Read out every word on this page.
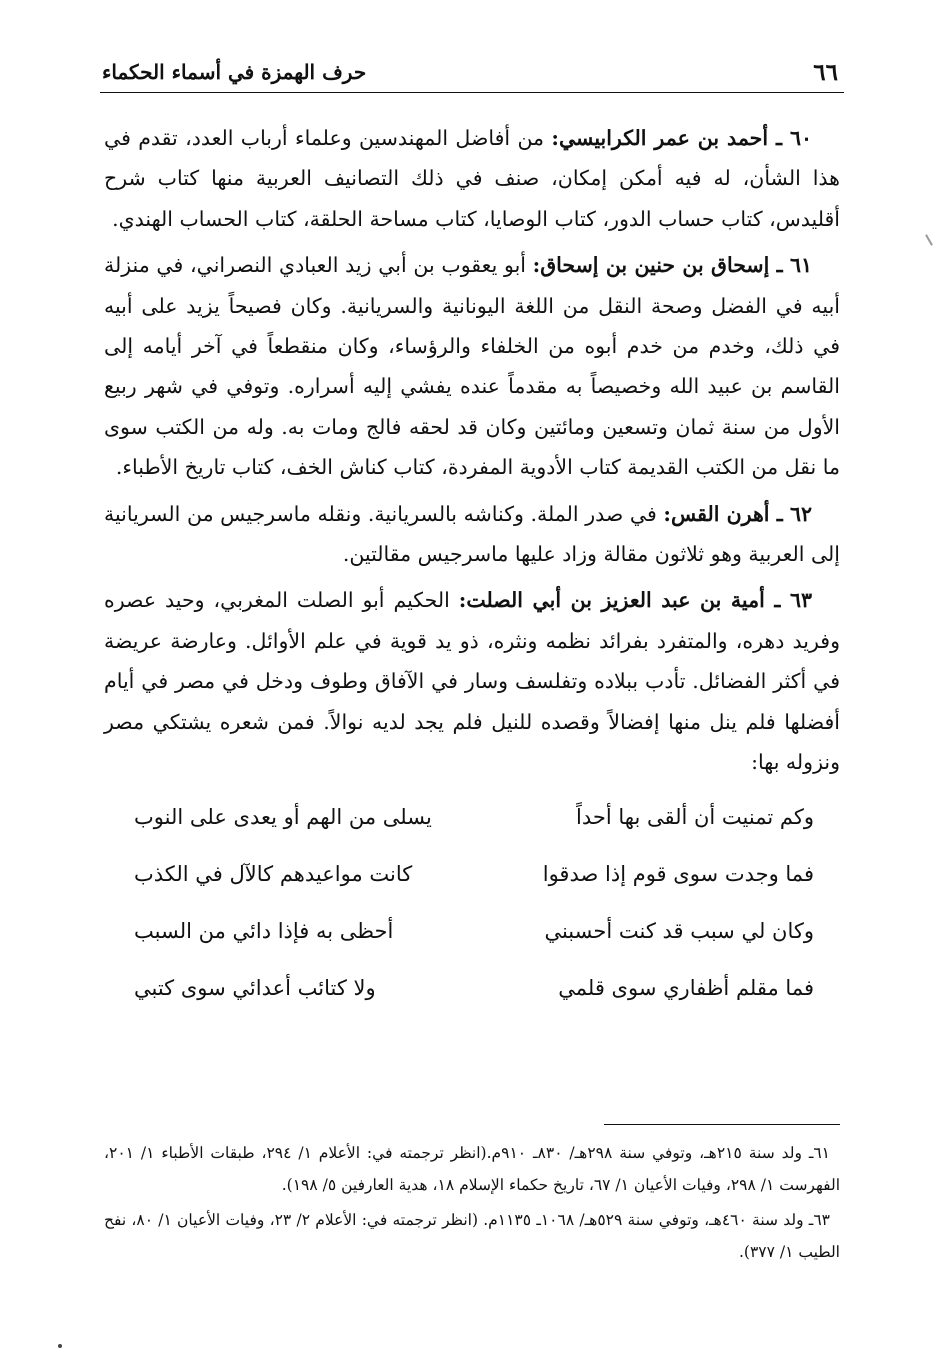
٦٦
حرف الهمزة في أسماء الحكماء

٦٠ ـ أحمد بن عمر الكرابيسي: من أفاضل المهندسين وعلماء أرباب العدد، تقدم في هذا الشأن، له فيه أمكن إمكان، صنف في ذلك التصانيف العربية منها كتاب شرح أقليدس، كتاب حساب الدور، كتاب الوصايا، كتاب مساحة الحلقة، كتاب الحساب الهندي.

٦١ ـ إسحاق بن حنين بن إسحاق: أبو يعقوب بن أبي زيد العبادي النصراني، في منزلة أبيه في الفضل وصحة النقل من اللغة اليونانية والسريانية. وكان فصيحاً يزيد على أبيه في ذلك، وخدم من خدم أبوه من الخلفاء والرؤساء، وكان منقطعاً في آخر أيامه إلى القاسم بن عبيد الله وخصيصاً به مقدماً عنده يفشي إليه أسراره. وتوفي في شهر ربيع الأول من سنة ثمان وتسعين ومائتين وكان قد لحقه فالج ومات به. وله من الكتب سوى ما نقل من الكتب القديمة كتاب الأدوية المفردة، كتاب كناش الخف، كتاب تاريخ الأطباء.

٦٢ ـ أهرن القس: في صدر الملة. وكناشه بالسريانية. ونقله ماسرجيس من السريانية إلى العربية وهو ثلاثون مقالة وزاد عليها ماسرجيس مقالتين.

٦٣ ـ أمية بن عبد العزيز بن أبي الصلت: الحكيم أبو الصلت المغربي، وحيد عصره وفريد دهره، والمتفرد بفرائد نظمه ونثره، ذو يد قوية في علم الأوائل. وعارضة عريضة في أكثر الفضائل. تأدب ببلاده وتفلسف وسار في الآفاق وطوف ودخل في مصر في أيام أفضلها فلم ينل منها إفضالاً وقصده للنيل فلم يجد لديه نوالاً. فمن شعره يشتكي مصر ونزوله بها:

وكم تمنيت أن ألقى بها أحداً
يسلى من الهم أو يعدى على النوب
فما وجدت سوى قوم إذا صدقوا
كانت مواعيدهم كالآل في الكذب
وكان لي سبب قد كنت أحسبني
أحظى به فإذا دائي من السبب
فما مقلم أظفاري سوى قلمي
ولا كتائب أعدائي سوى كتبي

٦١ـ ولد سنة ٢١٥هـ، وتوفي سنة ٢٩٨هـ/ ٨٣٠ـ ٩١٠م.(انظر ترجمته في: الأعلام ١/ ٢٩٤، طبقات الأطباء ١/ ٢٠١، الفهرست ١/ ٢٩٨، وفيات الأعيان ١/ ٦٧، تاريخ حكماء الإسلام ١٨، هدية العارفين ٥/ ١٩٨).

٦٣ـ ولد سنة ٤٦٠هـ، وتوفي سنة ٥٢٩هـ/ ١٠٦٨ـ ١١٣٥م. (انظر ترجمته في: الأعلام ٢/ ٢٣، وفيات الأعيان ١/ ٨٠، نفح الطيب ١/ ٣٧٧).
